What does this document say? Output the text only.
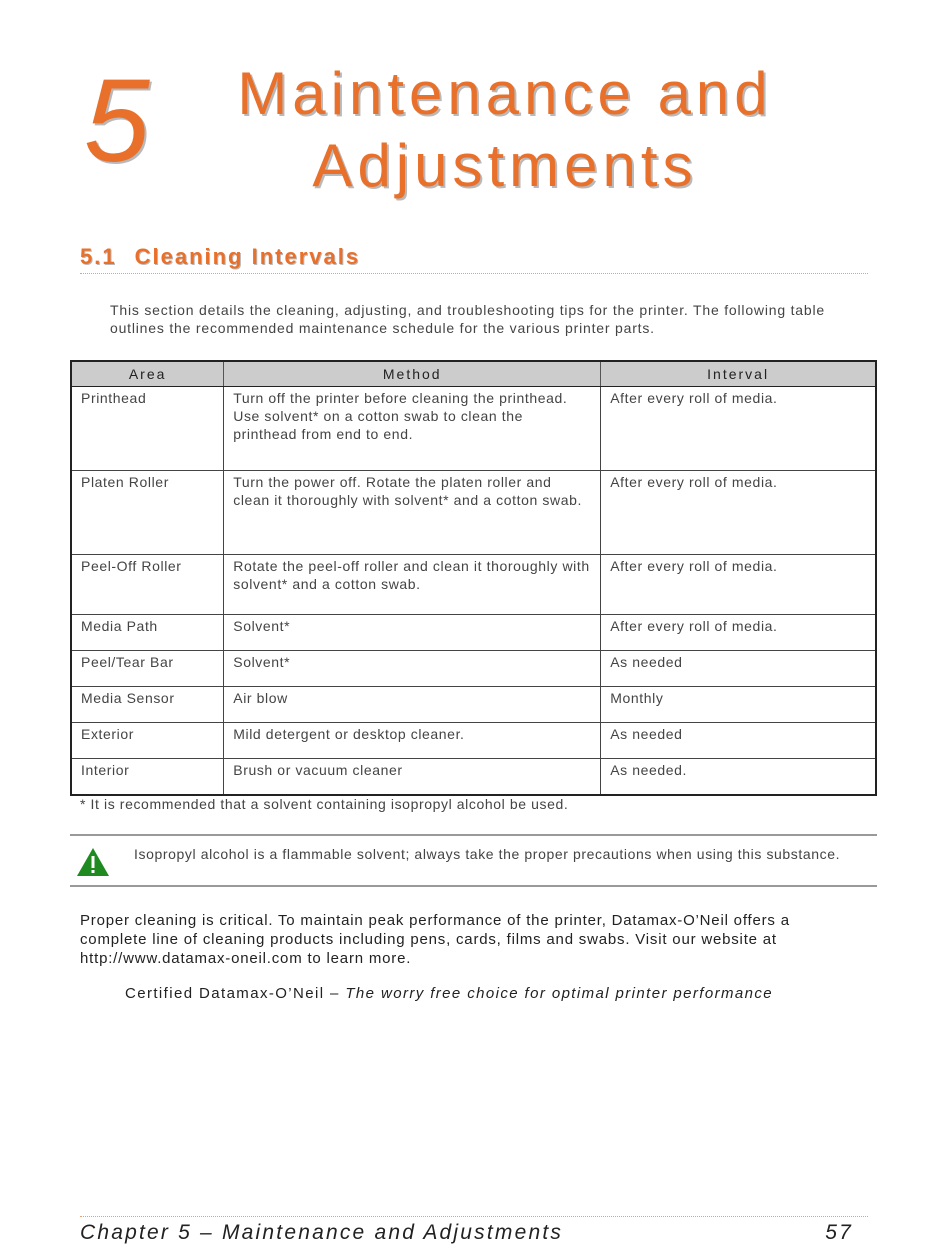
5	Maintenance and
Adjustments
5.1 Cleaning Intervals
This section details the cleaning, adjusting, and troubleshooting tips for the printer. The following table outlines the recommended maintenance schedule for the various printer parts.
Area	Method	Interval
Printhead	Turn off the printer before cleaning the printhead. Use solvent* on a cotton swab to clean the printhead from end to end.	After every roll of media.
Platen Roller	Turn the power off. Rotate the platen roller and clean it thoroughly with solvent* and a cotton swab.	After every roll of media.
Peel-Off Roller	Rotate the peel-off roller and clean it thoroughly with solvent* and a cotton swab.	After every roll of media.
Media Path	Solvent*	After every roll of media.
Peel/Tear Bar	Solvent*	As needed
Media Sensor	Air blow	Monthly
Exterior	Mild detergent or desktop cleaner.	As needed
Interior	Brush or vacuum cleaner	As needed.
* It is recommended that a solvent containing isopropyl alcohol be used.
Isopropyl alcohol is a flammable solvent; always take the proper precautions when using this substance.
Proper cleaning is critical. To maintain peak performance of the printer, Datamax-O’Neil offers a complete line of cleaning products including pens, cards, films and swabs. Visit our website at http://www.datamax-oneil.com to learn more.
Certified Datamax-O’Neil – The worry free choice for optimal printer performance
Chapter 5 – Maintenance and Adjustments	57
